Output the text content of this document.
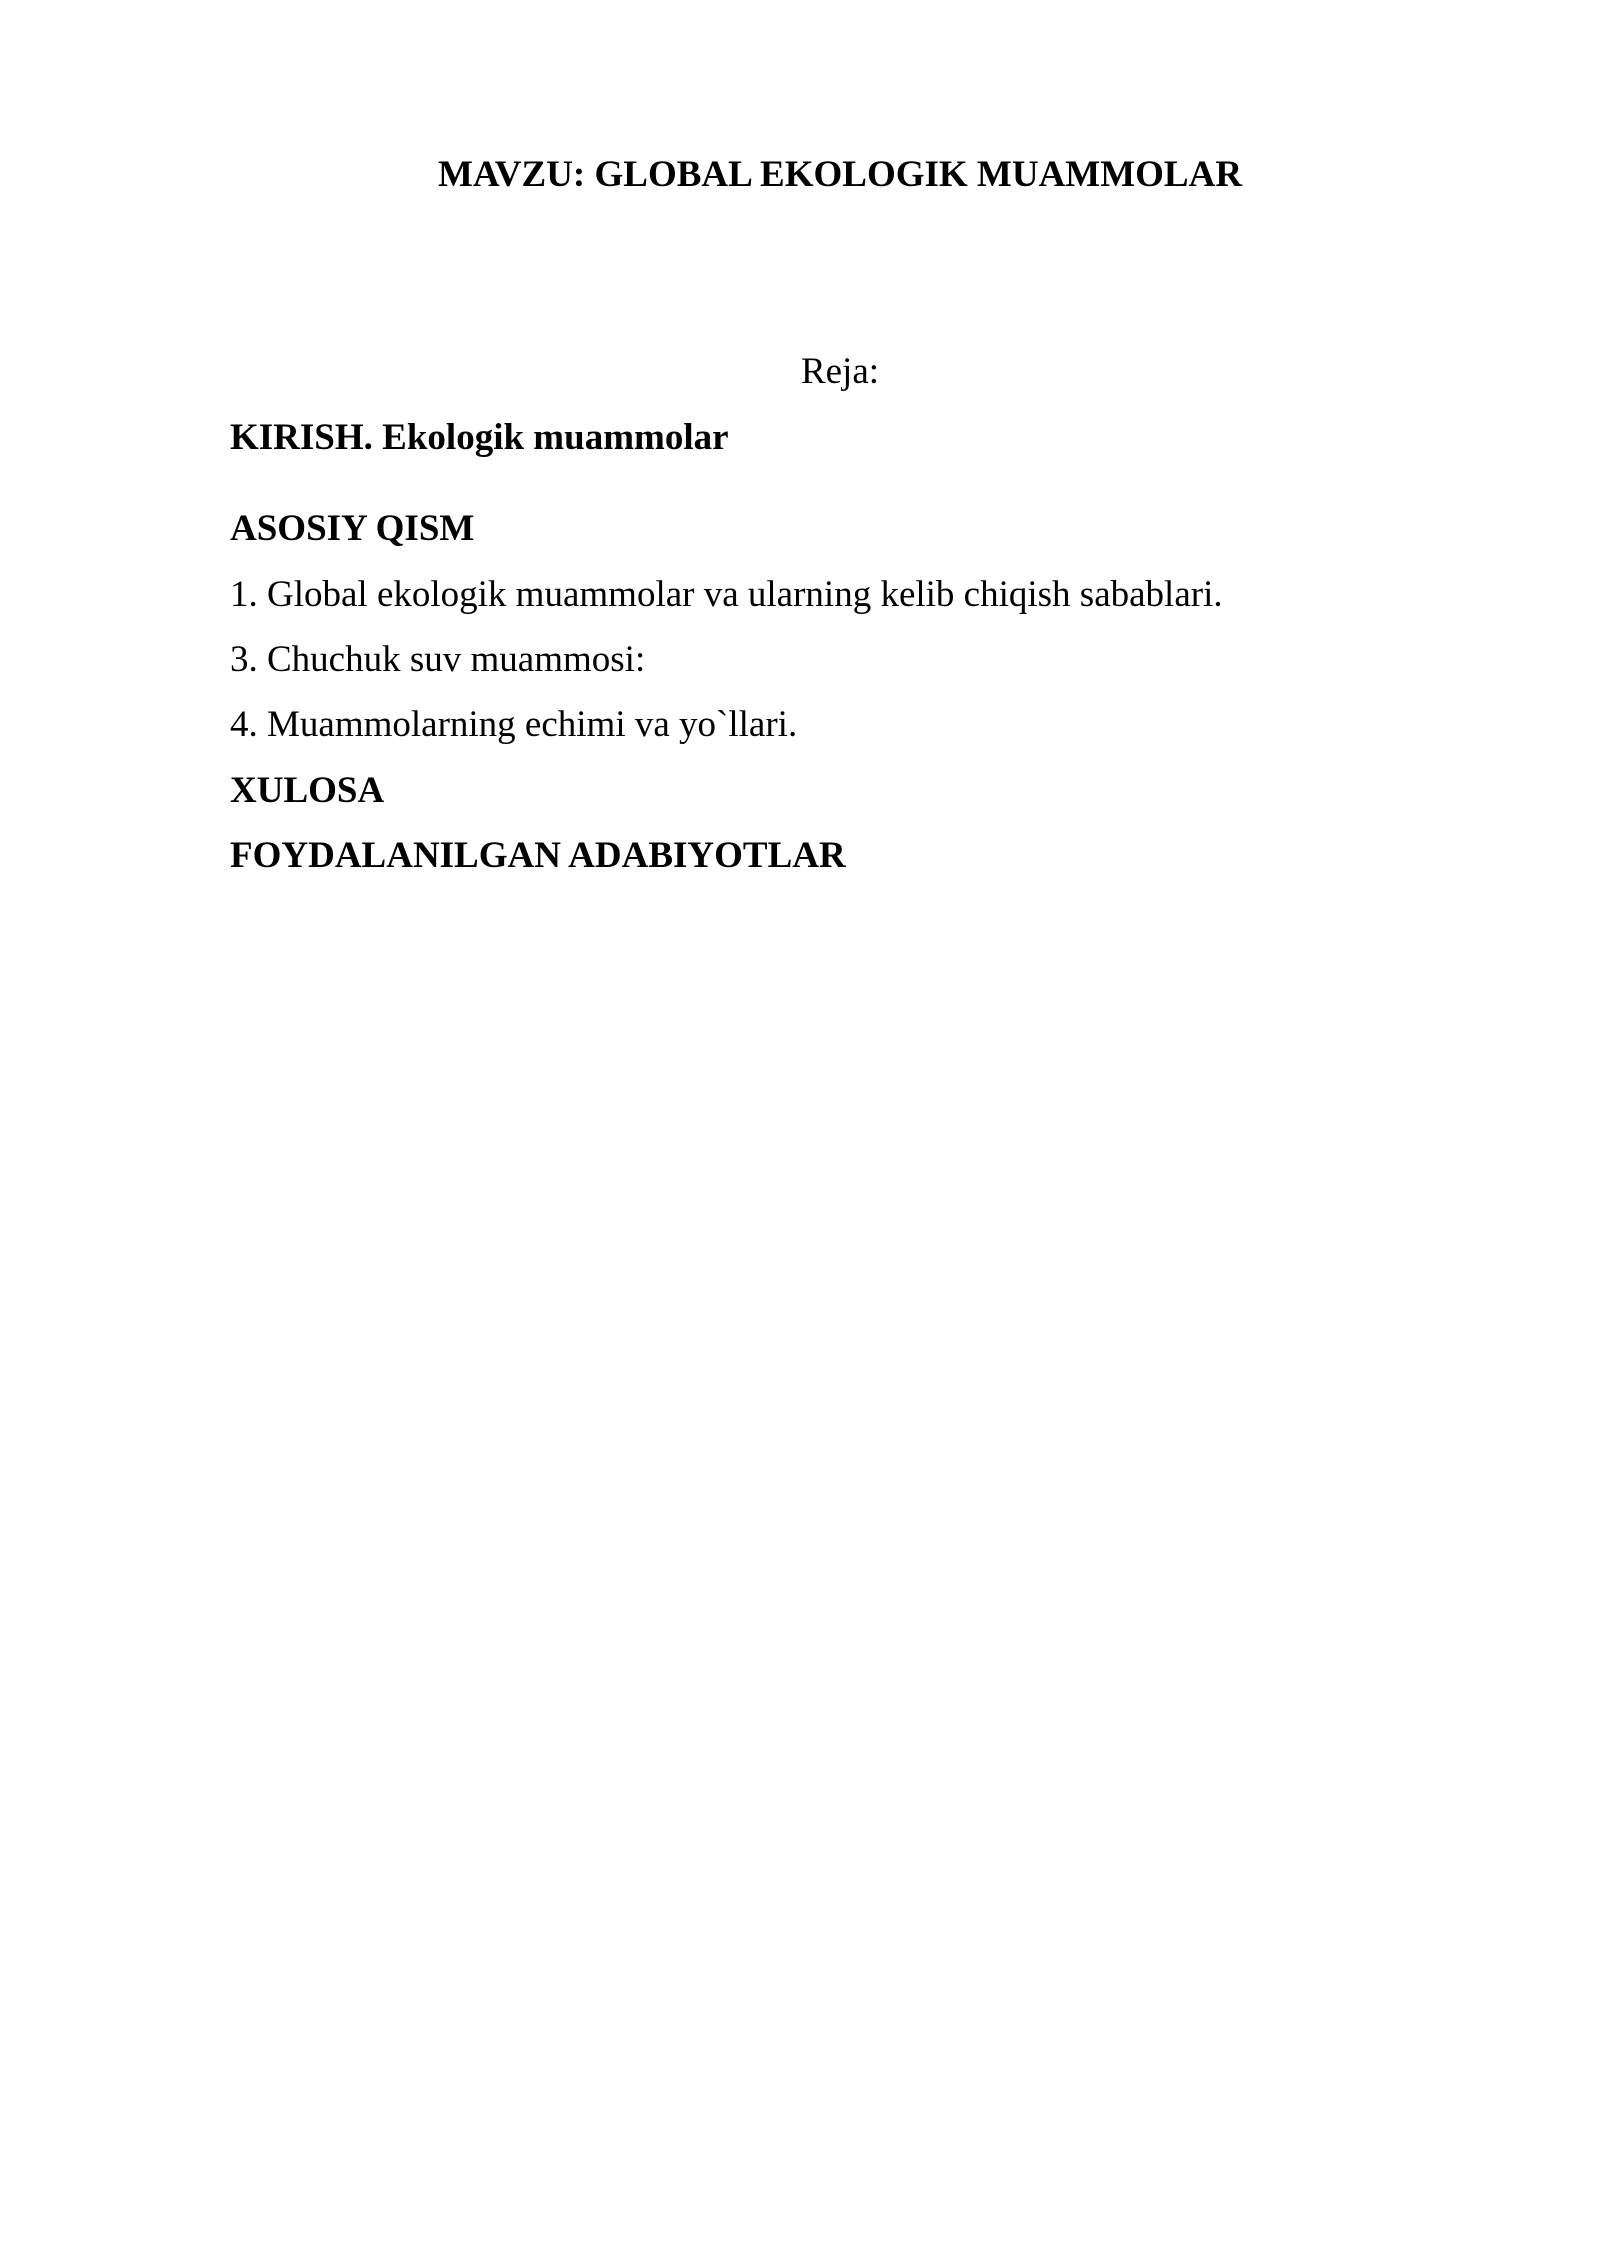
MAVZU: GLOBAL EKOLOGIK MUAMMOLAR
Reja:
KIRISH. Ekologik muammolar
ASOSIY QISM
1. Global ekologik muammolar va ularning kelib chiqish sabablari.
3. Chuchuk suv muammosi:
4. Muammolarning echimi va yo`llari.
XULOSA
FOYDALANILGAN ADABIYOTLAR
